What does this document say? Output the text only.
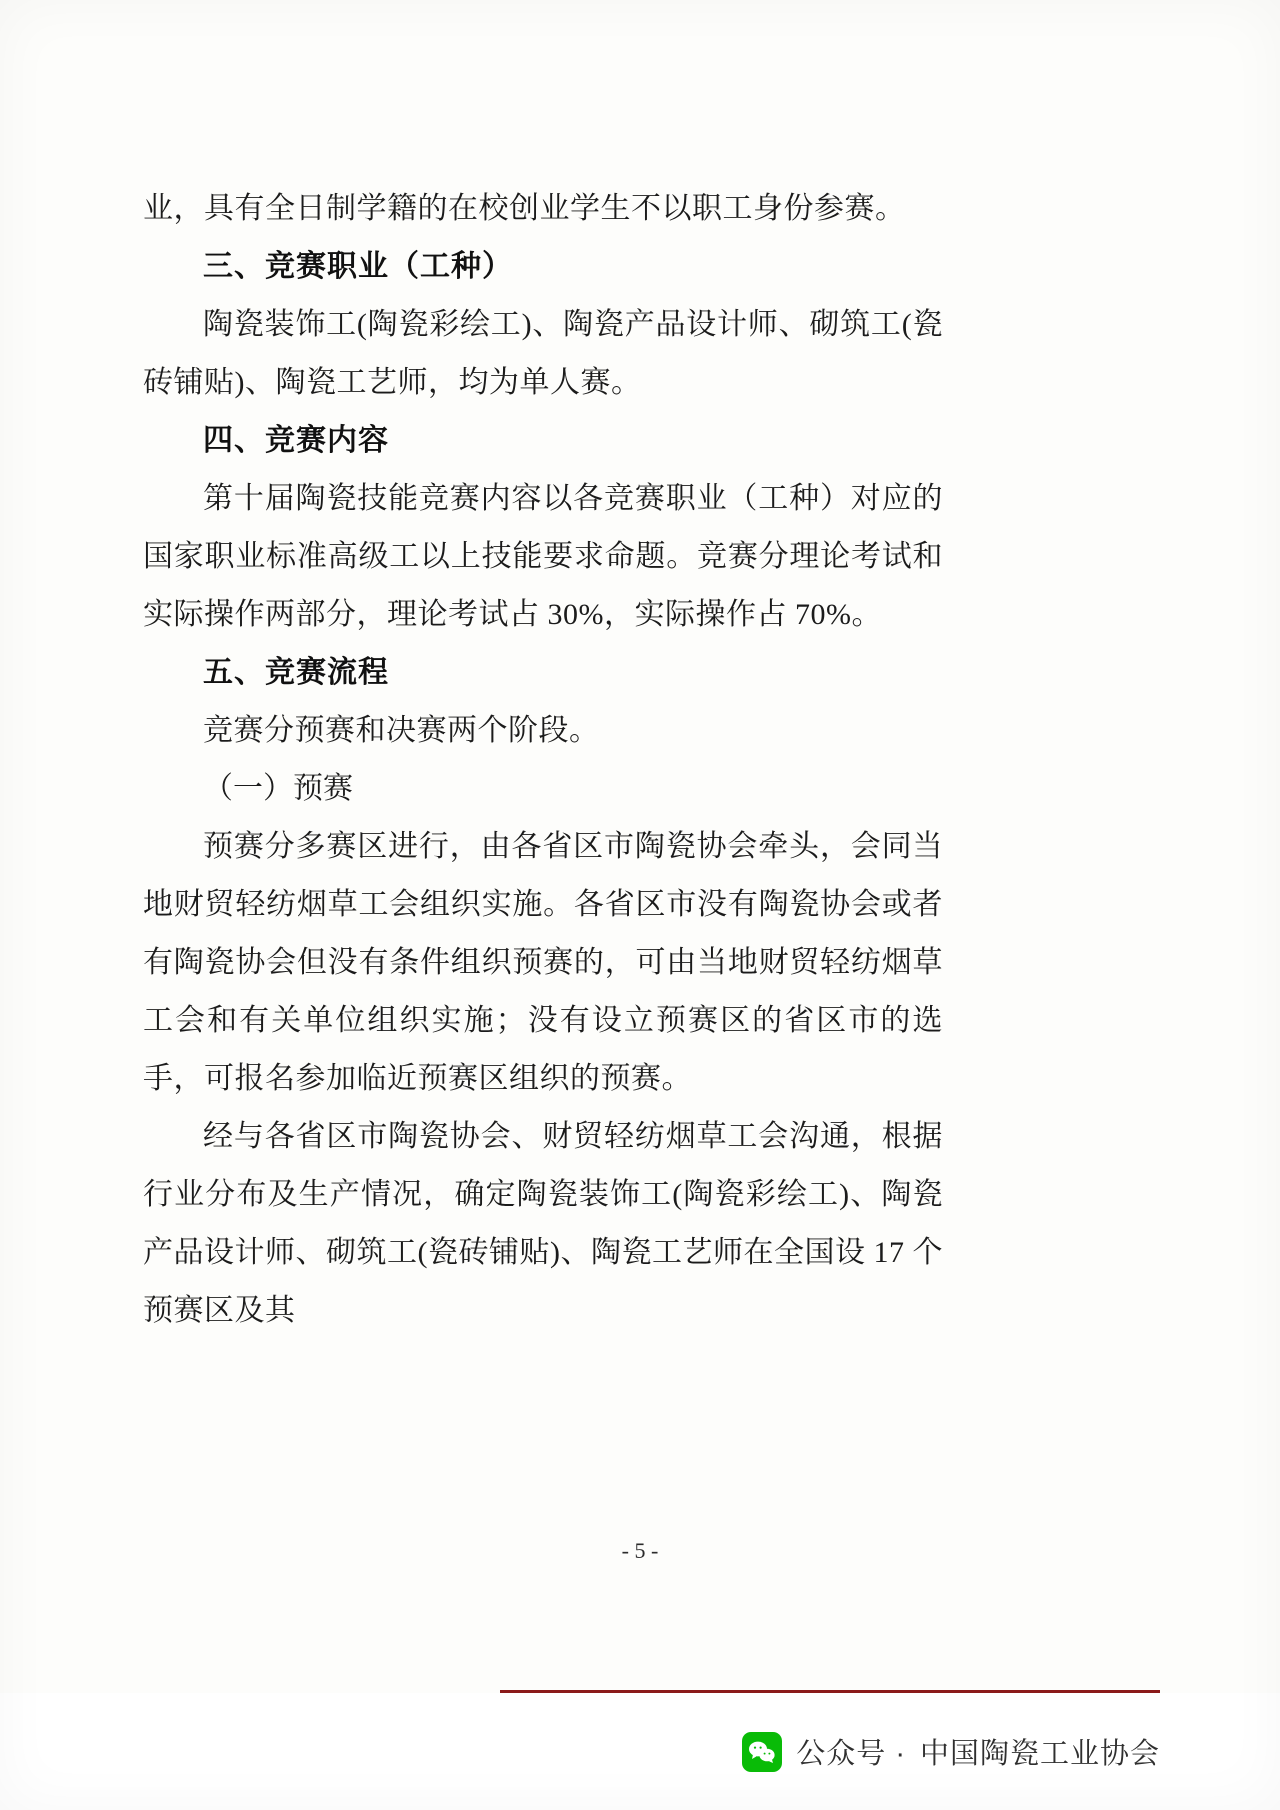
业，具有全日制学籍的在校创业学生不以职工身份参赛。

三、竞赛职业（工种）

陶瓷装饰工(陶瓷彩绘工)、陶瓷产品设计师、砌筑工(瓷砖铺贴)、陶瓷工艺师，均为单人赛。

四、竞赛内容

第十届陶瓷技能竞赛内容以各竞赛职业（工种）对应的国家职业标准高级工以上技能要求命题。竞赛分理论考试和实际操作两部分，理论考试占 30%，实际操作占 70%。

五、竞赛流程

竞赛分预赛和决赛两个阶段。

（一）预赛

预赛分多赛区进行，由各省区市陶瓷协会牵头，会同当地财贸轻纺烟草工会组织实施。各省区市没有陶瓷协会或者有陶瓷协会但没有条件组织预赛的，可由当地财贸轻纺烟草工会和有关单位组织实施；没有设立预赛区的省区市的选手，可报名参加临近预赛区组织的预赛。

经与各省区市陶瓷协会、财贸轻纺烟草工会沟通，根据行业分布及生产情况，确定陶瓷装饰工(陶瓷彩绘工)、陶瓷产品设计师、砌筑工(瓷砖铺贴)、陶瓷工艺师在全国设 17 个预赛区及其

- 5 -
公众号 · 中国陶瓷工业协会
